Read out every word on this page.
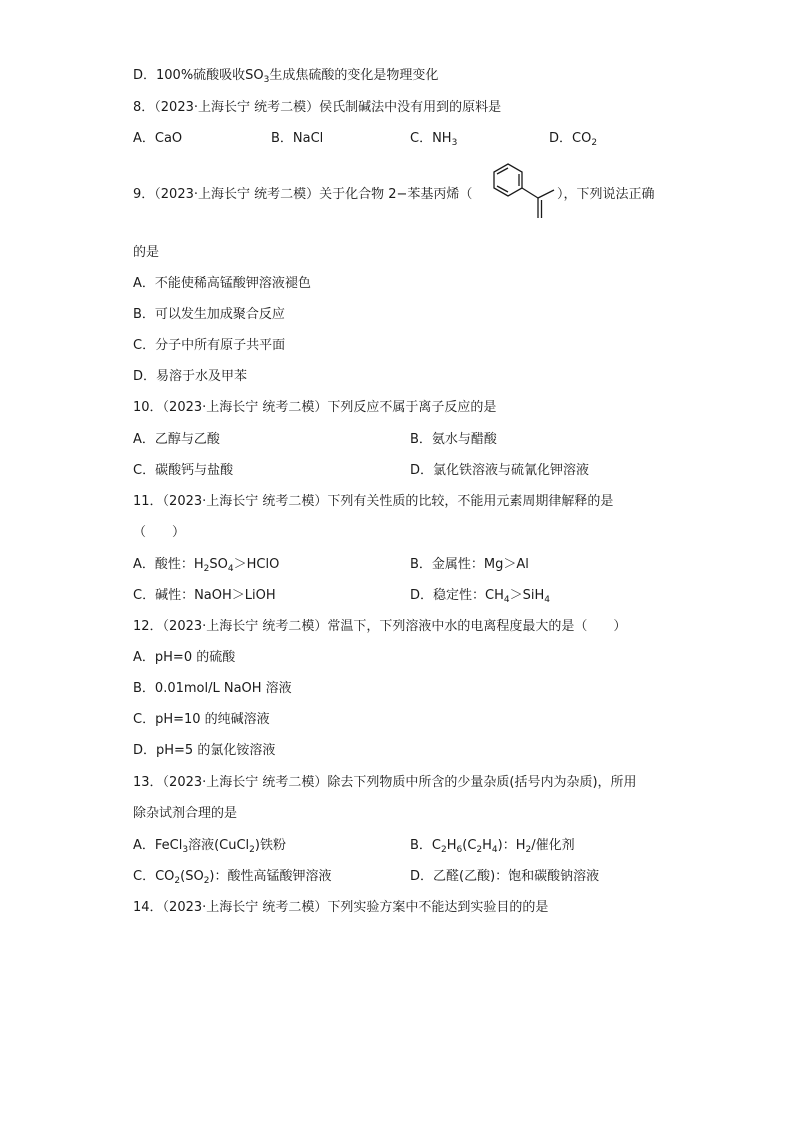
D．100%硫酸吸收$SO_3$生成焦硫酸的变化是物理变化
8．（2023·上海长宁 统考二模）侯氏制碱法中没有用到的原料是
A．CaO	B．NaCl	C．$NH_3$	D．$CO_2$
9．（2023·上海长宁 统考二模）关于化合物 2−苯基丙烯（	），下列说法正确
的是
A．不能使稀高锰酸钾溶液褪色
B．可以发生加成聚合反应
C．分子中所有原子共平面
D．易溶于水及甲苯
10．（2023·上海长宁 统考二模）下列反应不属于离子反应的是
A．乙醇与乙酸	B．氨水与醋酸
C．碳酸钙与盐酸	D．氯化铁溶液与硫氰化钾溶液
11．（2023·上海长宁 统考二模）下列有关性质的比较，不能用元素周期律解释的是
（　　）
A．酸性：$H_2SO_4>HClO$	B．金属性：Mg＞Al
C．碱性：NaOH＞LiOH	D．稳定性：$CH_4>SiH_4$
12．（2023·上海长宁 统考二模）常温下，下列溶液中水的电离程度最大的是（　　）
A．pH=0 的硫酸
B．0.01mol/L NaOH 溶液
C．pH=10 的纯碱溶液
D．pH=5 的氯化铵溶液
13．（2023·上海长宁 统考二模）除去下列物质中所含的少量杂质(括号内为杂质)，所用
除杂试剂合理的是
A．FeCl$_3$溶液(CuCl$_2$)铁粉	B．$C_2H_6(C_2H_4)$：$H_2/$催化剂
C．$CO_2(SO_2)$：酸性高锰酸钾溶液	D．乙醛(乙酸)：饱和碳酸钠溶液
14．（2023·上海长宁 统考二模）下列实验方案中不能达到实验目的的是
